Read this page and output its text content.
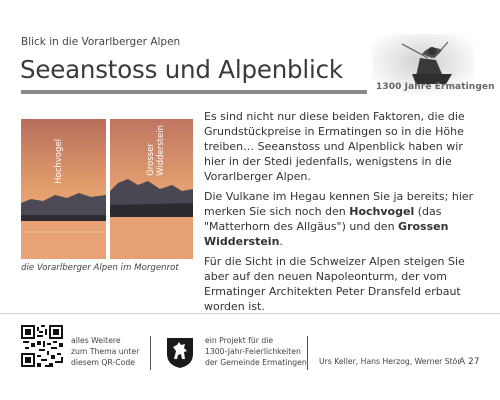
Blick in die Vorarlberger Alpen
Seeanstoss und Alpenblick
1300 Jahre Ermatingen
Hochvogel	Grosser
Widderstein
die Vorarlberger Alpen im Morgenrot

Es sind nicht nur diese beiden Faktoren, die die Grundstückpreise in Ermatingen so in die Höhe treiben… Seeanstoss und Alpenblick haben wir hier in der Stedi jedenfalls, wenigstens in die Vorarlberger Alpen.

Die Vulkane im Hegau kennen Sie ja bereits; hier merken Sie sich noch den Hochvogel (das "Matterhorn des Allgäus") und den Grossen Widderstein.

Für die Sicht in die Schweizer Alpen steigen Sie aber auf den neuen Napoleonturm, der vom Ermatinger Architekten Peter Dransfeld erbaut worden ist.

alles Weitere
zum Thema unter
diesem QR-Code
ein Projekt für die
1300-Jahr-Feierlichkeiten
der Gemeinde Ermatingen Urs Keller, Hans Herzog, Werner Stör
A 27
